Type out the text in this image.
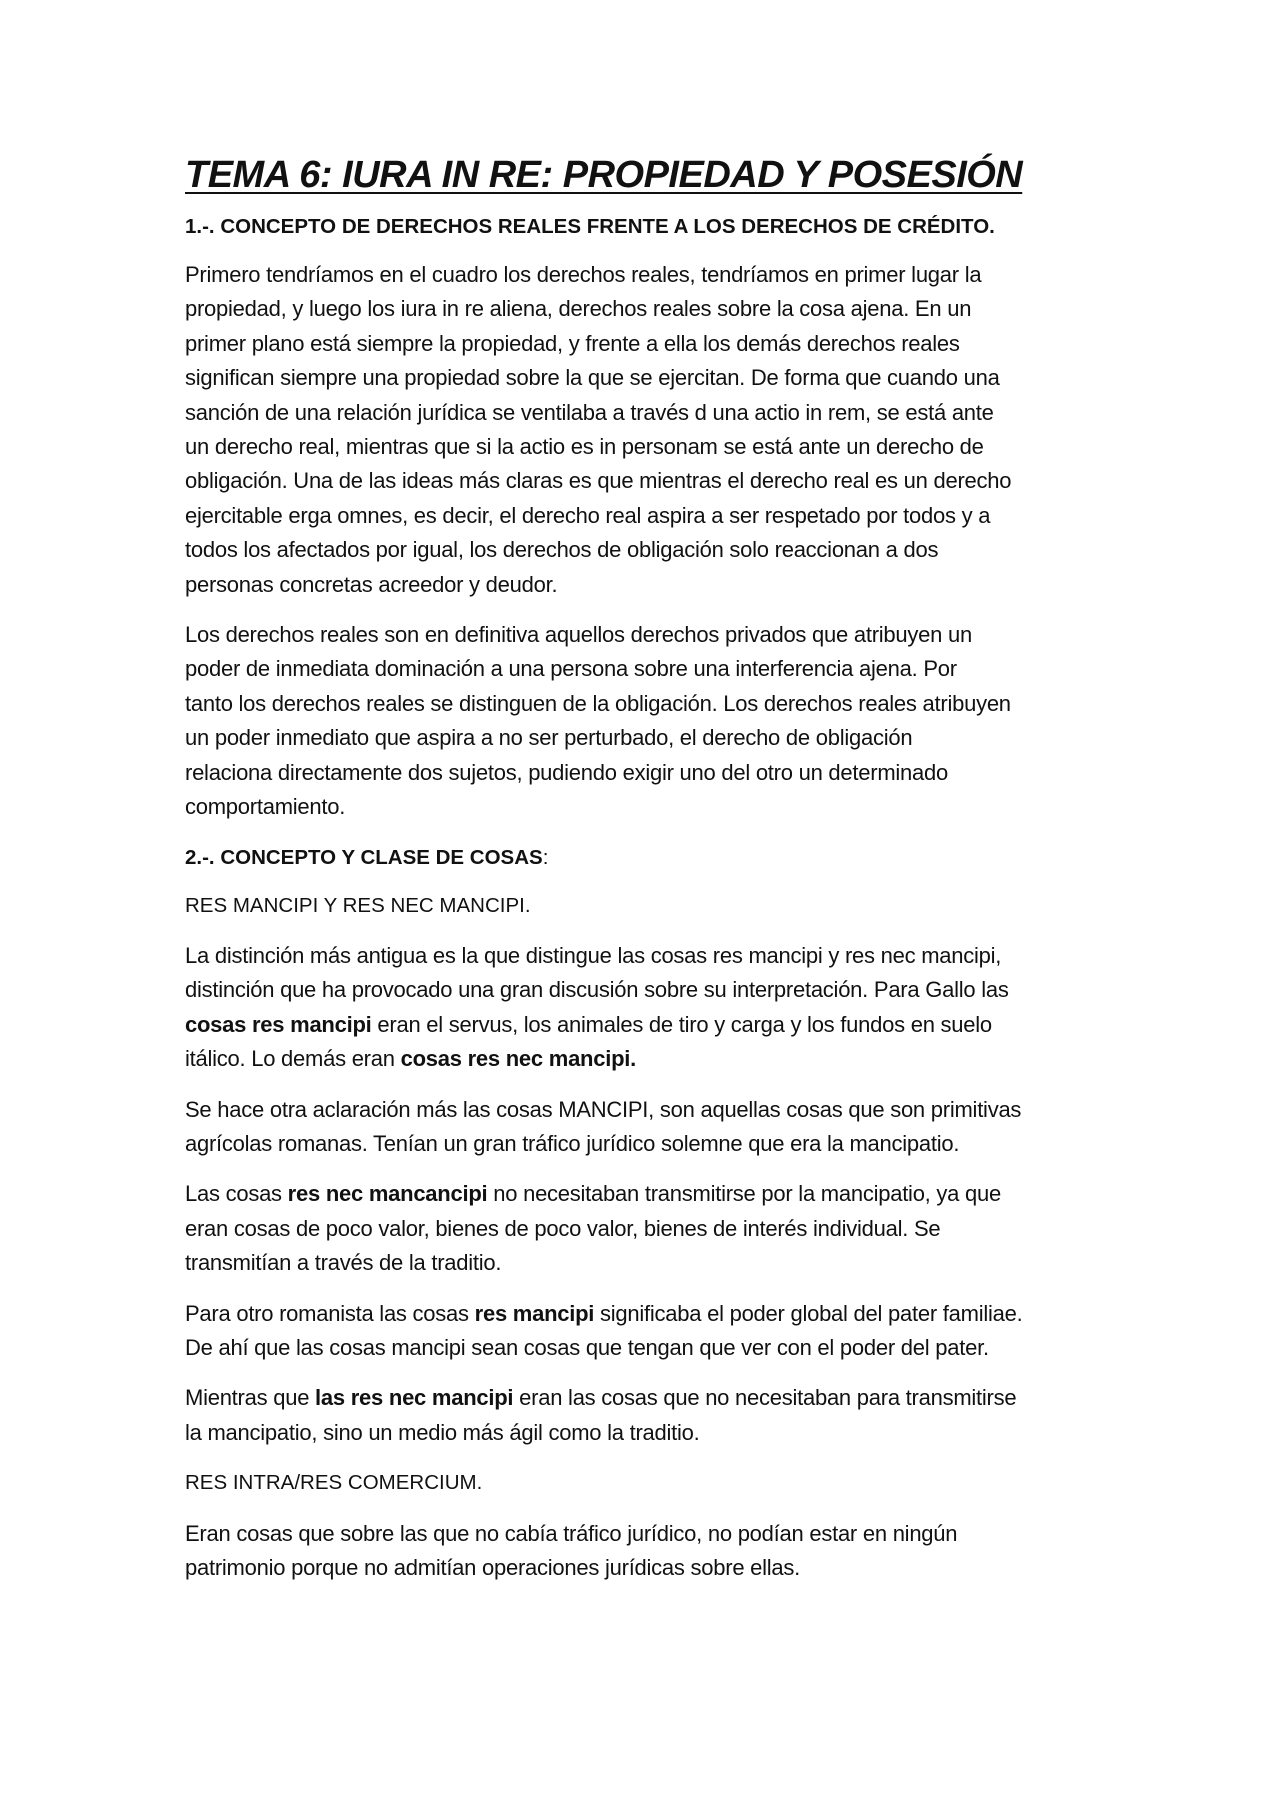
TEMA 6: IURA IN RE: PROPIEDAD Y POSESIÓN
1.-. CONCEPTO DE DERECHOS REALES FRENTE A LOS DERECHOS DE CRÉDITO.
Primero tendríamos en el cuadro los derechos reales, tendríamos en primer lugar la
propiedad, y luego los iura in re aliena, derechos reales sobre la cosa ajena. En un
primer plano está siempre la propiedad, y frente a ella los demás derechos reales
significan siempre una propiedad sobre la que se ejercitan. De forma que cuando una
sanción de una relación jurídica se ventilaba a través d una actio in rem, se está ante
un derecho real, mientras que si la actio es in personam se está ante un derecho de
obligación. Una de las ideas más claras es que mientras el derecho real es un derecho
ejercitable erga omnes, es decir, el derecho real aspira a ser respetado por todos y a
todos los afectados por igual, los derechos de obligación solo reaccionan a dos
personas concretas acreedor y deudor.
Los derechos reales son en definitiva aquellos derechos privados que atribuyen un
poder de inmediata dominación a una persona sobre una interferencia ajena. Por
tanto los derechos reales se distinguen de la obligación. Los derechos reales atribuyen
un poder inmediato que aspira a no ser perturbado, el derecho de obligación
relaciona directamente dos sujetos, pudiendo exigir uno del otro un determinado
comportamiento.
2.-. CONCEPTO Y CLASE DE COSAS:
RES MANCIPI Y RES NEC MANCIPI.
La distinción más antigua es la que distingue las cosas res mancipi y res nec mancipi,
distinción que ha provocado una gran discusión sobre su interpretación. Para Gallo las
cosas res mancipi eran el servus, los animales de tiro y carga y los fundos en suelo
itálico. Lo demás eran cosas res nec mancipi.
Se hace otra aclaración más las cosas MANCIPI, son aquellas cosas que son primitivas
agrícolas romanas. Tenían un gran tráfico jurídico solemne que era la mancipatio.
Las cosas res nec mancancipi no necesitaban transmitirse por la mancipatio, ya que
eran cosas de poco valor, bienes de poco valor, bienes de interés individual. Se
transmitían a través de la traditio.
Para otro romanista las cosas res mancipi significaba el poder global del pater familiae.
De ahí que las cosas mancipi sean cosas que tengan que ver con el poder del pater.
Mientras que las res nec mancipi eran las cosas que no necesitaban para transmitirse
la mancipatio, sino un medio más ágil como la traditio.
RES INTRA/RES COMERCIUM.
Eran cosas que sobre las que no cabía tráfico jurídico, no podían estar en ningún
patrimonio porque no admitían operaciones jurídicas sobre ellas.
